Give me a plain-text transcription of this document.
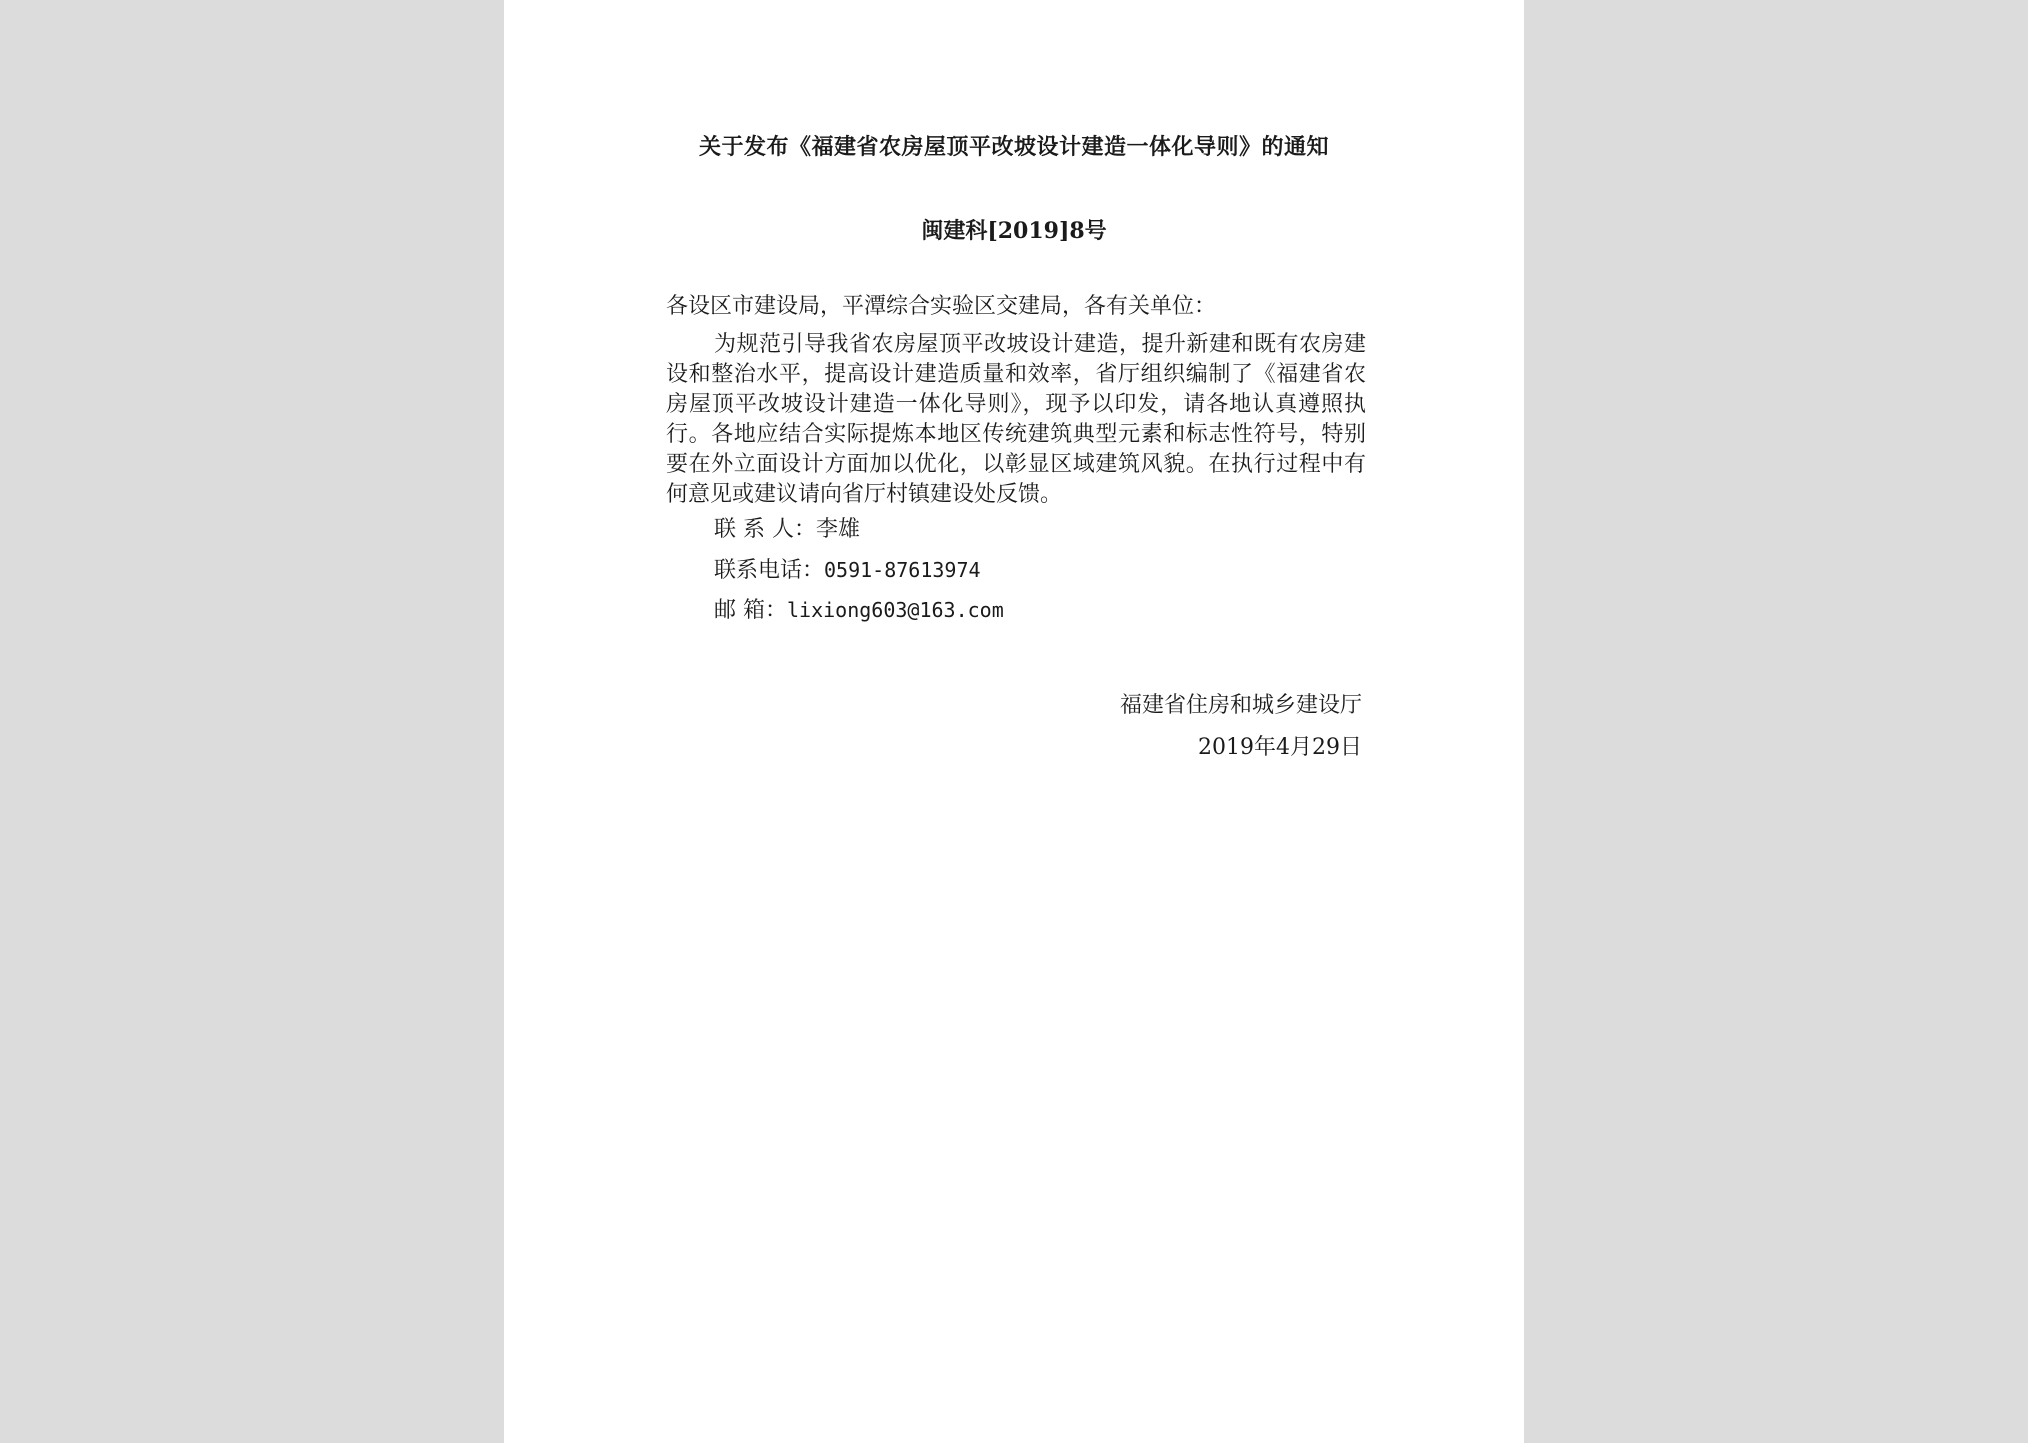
关于发布《福建省农房屋顶平改坡设计建造一体化导则》的通知
闽建科[2019]8号

各设区市建设局，平潭综合实验区交建局，各有关单位：

为规范引导我省农房屋顶平改坡设计建造，提升新建和既有农房建设和整治水平，提高设计建造质量和效率，省厅组织编制了《福建省农房屋顶平改坡设计建造一体化导则》，现予以印发，请各地认真遵照执行。各地应结合实际提炼本地区传统建筑典型元素和标志性符号，特别要在外立面设计方面加以优化，以彰显区域建筑风貌。在执行过程中有何意见或建议请向省厅村镇建设处反馈。

联 系 人：李雄
联系电话：0591-87613974
邮 箱：lixiong603@163.com
福建省住房和城乡建设厅
2019年4月29日
